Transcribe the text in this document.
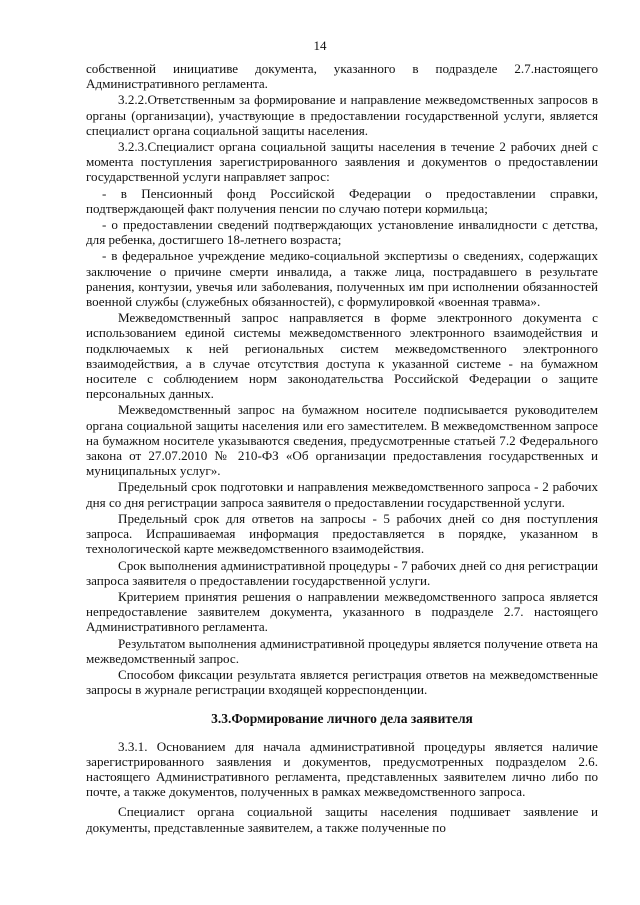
14

собственной инициативе документа, указанного в подразделе 2.7.настоящего Административного регламента.

3.2.2.Ответственным за формирование и направление межведомственных запросов в органы (организации), участвующие в предоставлении государственной услуги, является специалист органа социальной защиты населения.

3.2.3.Специалист органа социальной защиты населения в течение 2 рабочих дней с момента поступления зарегистрированного заявления и документов о предоставлении государственной услуги направляет запрос:

- в Пенсионный фонд Российской Федерации о предоставлении справки, подтверждающей факт получения пенсии по случаю потери кормильца;

- о предоставлении сведений подтверждающих установление инвалидности с детства, для ребенка, достигшего 18-летнего возраста;

- в федеральное учреждение медико-социальной экспертизы о сведениях, содержащих заключение о причине смерти инвалида, а также лица, пострадавшего в результате ранения, контузии, увечья или заболевания, полученных им при исполнении обязанностей военной службы (служебных обязанностей), с формулировкой «военная травма».

Межведомственный запрос направляется в форме электронного документа с использованием единой системы межведомственного электронного взаимодействия и подключаемых к ней региональных систем межведомственного электронного взаимодействия, а в случае отсутствия доступа к указанной системе - на бумажном носителе с соблюдением норм законодательства Российской Федерации о защите персональных данных.

Межведомственный запрос на бумажном носителе подписывается руководителем органа социальной защиты населения или его заместителем. В межведомственном запросе на бумажном носителе указываются сведения, предусмотренные статьей 7.2 Федерального закона от 27.07.2010 № 210-ФЗ «Об организации предоставления государственных и муниципальных услуг».

Предельный срок подготовки и направления межведомственного запроса - 2 рабочих дня со дня регистрации запроса заявителя о предоставлении государственной услуги.

Предельный срок для ответов на запросы - 5 рабочих дней со дня поступления запроса. Испрашиваемая информация предоставляется в порядке, указанном в технологической карте межведомственного взаимодействия.

Срок выполнения административной процедуры - 7 рабочих дней со дня регистрации запроса заявителя о предоставлении государственной услуги.

Критерием принятия решения о направлении межведомственного запроса является непредоставление заявителем документа, указанного в подразделе 2.7. настоящего Административного регламента.

Результатом выполнения административной процедуры является получение ответа на межведомственный запрос.

Способом фиксации результата является регистрация ответов на межведомственные запросы в журнале регистрации входящей корреспонденции.

3.3.Формирование личного дела заявителя

3.3.1. Основанием для начала административной процедуры является наличие зарегистрированного заявления и документов, предусмотренных подразделом 2.6. настоящего Административного регламента, представленных заявителем лично либо по почте, а также документов, полученных в рамках межведомственного запроса.

Специалист органа социальной защиты населения подшивает заявление и документы, представленные заявителем, а также полученные по
